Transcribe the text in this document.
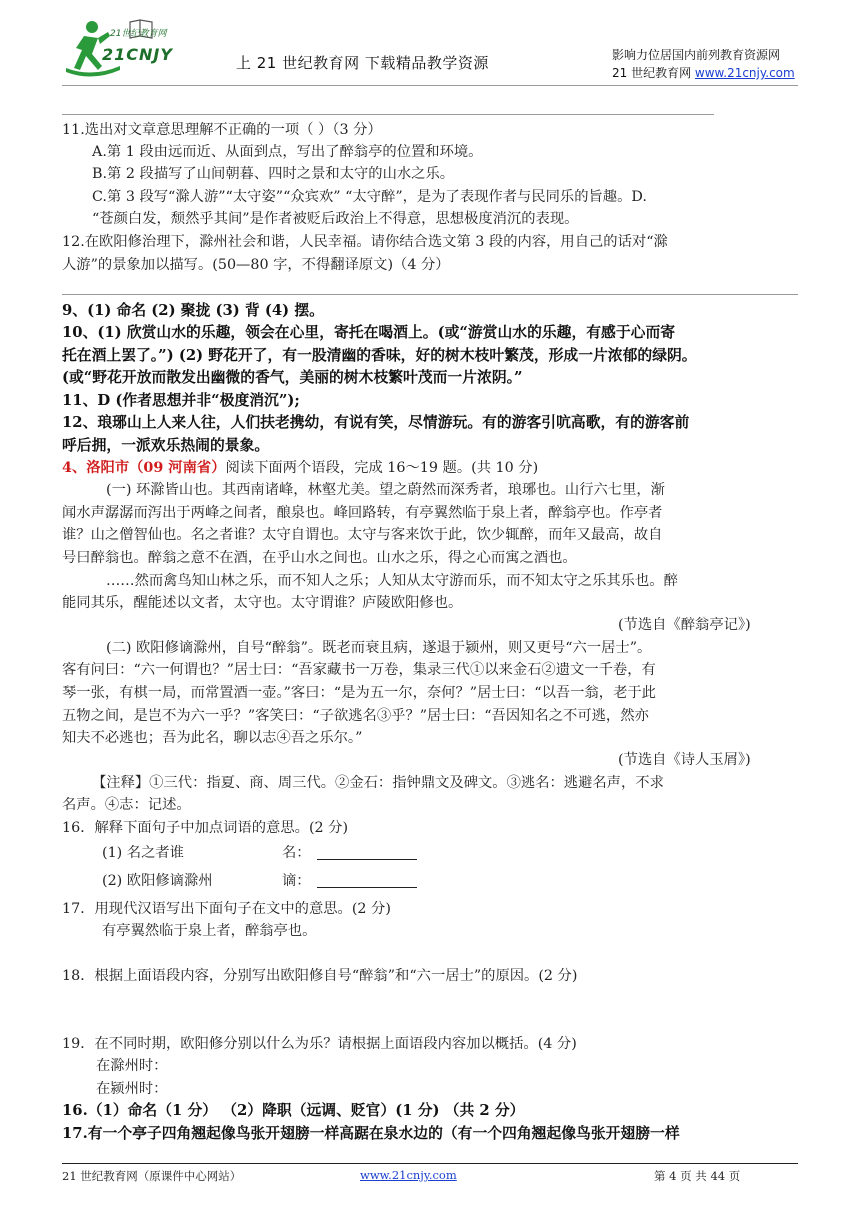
21世纪教育网
21CNJY	上 21 世纪教育网 下载精品教学资源	影响力位居国内前列教育资源网
21 世纪教育网 www.21cnjy.com
11.选出对文章意思理解不正确的一项（ ）（3 分）
A.第 1 段由远而近、从面到点，写出了醉翁亭的位置和环境。
B.第 2 段描写了山间朝暮、四时之景和太守的山水之乐。
C.第 3 段写“滁人游”“太守姿”“众宾欢” “太守醉”，是为了表现作者与民同乐的旨趣。D.
“苍颜白发，颓然乎其间”是作者被贬后政治上不得意，思想极度消沉的表现。
12.在欧阳修治理下，滁州社会和谐，人民幸福。请你结合选文第 3 段的内容，用自己的话对“滁
人游”的景象加以描写。(50—80 字，不得翻译原文)（4 分）
9、(1) 命名 (2) 聚拢 (3) 背 (4) 摆。
10、(1) 欣赏山水的乐趣，领会在心里，寄托在喝酒上。(或“游赏山水的乐趣，有感于心而寄
托在酒上罢了。”) (2) 野花开了，有一股清幽的香味，好的树木枝叶繁茂，形成一片浓郁的绿阴。
(或“野花开放而散发出幽微的香气，美丽的树木枝繁叶茂而一片浓阴。”
11、D (作者思想并非“极度消沉”);
12、琅琊山上人来人往，人们扶老携幼，有说有笑，尽情游玩。有的游客引吭高歌，有的游客前
呼后拥，一派欢乐热闹的景象。
4、洛阳市（09 河南省）阅读下面两个语段，完成 16～19 题。(共 10 分)
(一) 环滁皆山也。其西南诸峰，林壑尤美。望之蔚然而深秀者，琅琊也。山行六七里，渐
闻水声潺潺而泻出于两峰之间者，酿泉也。峰回路转，有亭翼然临于泉上者，醉翁亭也。作亭者
谁？山之僧智仙也。名之者谁？太守自谓也。太守与客来饮于此，饮少辄醉，而年又最高，故自
号曰醉翁也。醉翁之意不在酒，在乎山水之间也。山水之乐，得之心而寓之酒也。
……然而禽鸟知山林之乐，而不知人之乐；人知从太守游而乐，而不知太守之乐其乐也。醉
能同其乐，醒能述以文者，太守也。太守谓谁？庐陵欧阳修也。
(节选自《醉翁亭记》)
(二) 欧阳修谪滁州，自号“醉翁”。既老而衰且病，遂退于颍州，则又更号“六一居士”。
客有问曰：“六一何谓也？”居士曰：“吾家藏书一万卷，集录三代①以来金石②遗文一千卷，有
琴一张，有棋一局，而常置酒一壶。”客曰：“是为五一尔，奈何？”居士曰：“以吾一翁，老于此
五物之间，是岂不为六一乎？”客笑曰：“子欲逃名③乎？”居士曰：“吾因知名之不可逃，然亦
知夫不必逃也；吾为此名，聊以志④吾之乐尔。”
(节选自《诗人玉屑》)
【注释】①三代：指夏、商、周三代。②金石：指钟鼎文及碑文。③逃名：逃避名声，不求
名声。④志：记述。
16．解释下面句子中加点词语的意思。(2 分)
(1) 名之者谁	名：
(2) 欧阳修谪滁州	谪：
17．用现代汉语写出下面句子在文中的意思。(2 分)
有亭翼然临于泉上者，醉翁亭也。
18．根据上面语段内容，分别写出欧阳修自号“醉翁”和“六一居士”的原因。(2 分)
19．在不同时期，欧阳修分别以什么为乐？请根据上面语段内容加以概括。(4 分)
在滁州时：
在颍州时：
16.（1）命名（1 分） （2）降职（远调、贬官）(1 分) （共 2 分）
17.有一个亭子四角翘起像鸟张开翅膀一样高踞在泉水边的（有一个四角翘起像鸟张开翅膀一样
21 世纪教育网（原课件中心网站）	www.21cnjy.com	第 4 页 共 44 页
